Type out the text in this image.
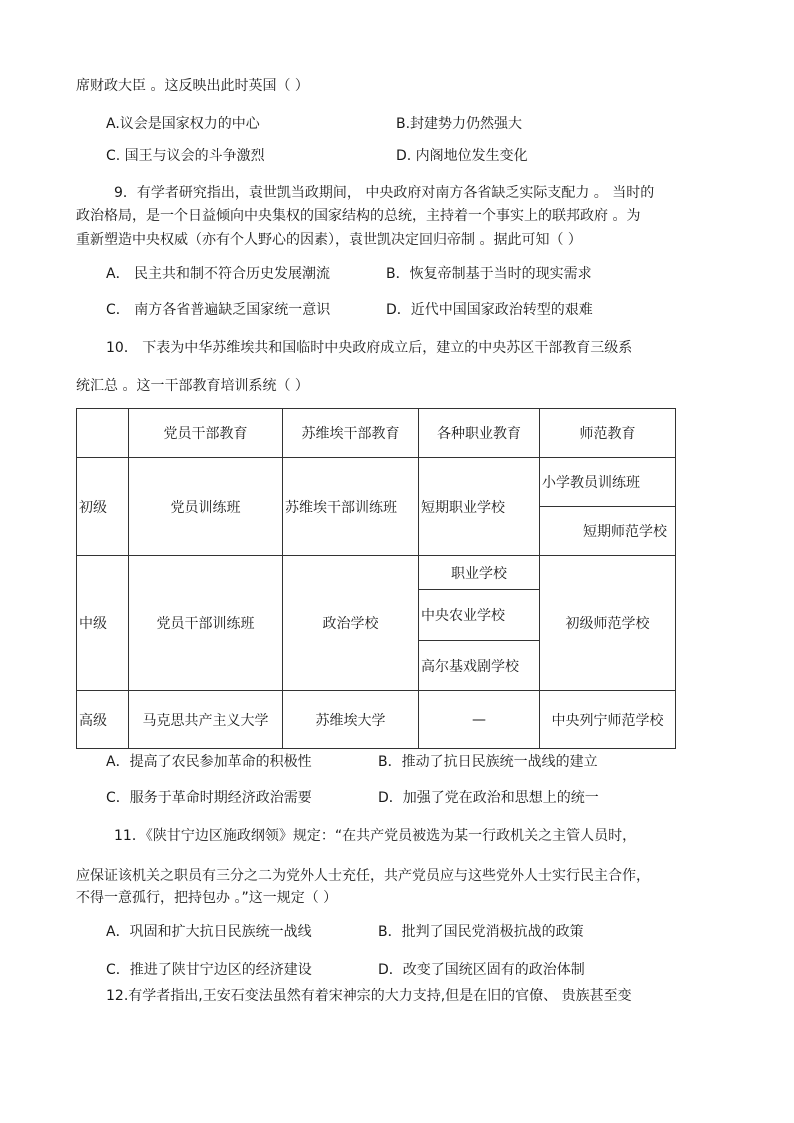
席财政大臣 。这反映出此时英国（ ）
A.议会是国家权力的中心	B.封建势力仍然强大
C. 国王与议会的斗争激烈	D. 内阁地位发生变化
9．有学者研究指出，袁世凯当政期间， 中央政府对南方各省缺乏实际支配力 。 当时的
政治格局，是一个日益倾向中央集权的国家结构的总统，主持着一个事实上的联邦政府 。为
重新塑造中央权威（亦有个人野心的因素），袁世凯决定回归帝制 。据此可知（ ）
A． 民主共和制不符合历史发展潮流	B．恢复帝制基于当时的现实需求
C． 南方各省普遍缺乏国家统一意识	D．近代中国国家政治转型的艰难
10． 下表为中华苏维埃共和国临时中央政府成立后，建立的中央苏区干部教育三级系
统汇总 。这一干部教育培训系统（ ）
	党员干部教育	苏维埃干部教育	各种职业教育	师范教育
初级	党员训练班	苏维埃干部训练班	短期职业学校	小学教员训练班
				短期师范学校
中级	党员干部训练班	政治学校	职业学校	初级师范学校
			中央农业学校	
			高尔基戏剧学校	
高级	马克思共产主义大学	苏维埃大学	—	中央列宁师范学校
A．提高了农民参加革命的积极性	B．推动了抗日民族统一战线的建立
C．服务于革命时期经济政治需要	D．加强了党在政治和思想上的统一
11．《陕甘宁边区施政纲领》规定：“在共产党员被选为某一行政机关之主管人员时，
应保证该机关之职员有三分之二为党外人士充任，共产党员应与这些党外人士实行民主合作，
不得一意孤行，把持包办 。”这一规定（ ）
A．巩固和扩大抗日民族统一战线	B．批判了国民党消极抗战的政策
C．推进了陕甘宁边区的经济建设	D．改变了国统区固有的政治体制
12.有学者指出,王安石变法虽然有着宋神宗的大力支持,但是在旧的官僚、 贵族甚至变
